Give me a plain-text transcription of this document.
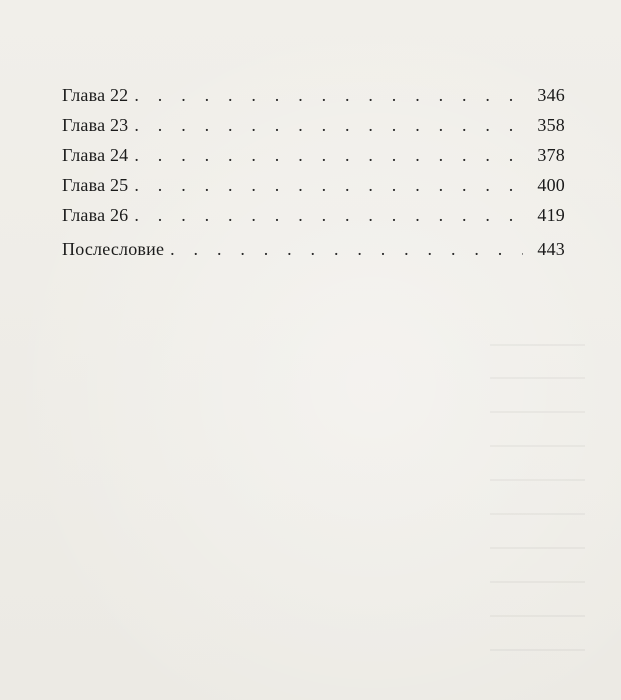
Глава 22 . . .	346
Глава 23 . . .	358
Глава 24 . . .	378
Глава 25 . . .	400
Глава 26 . . .	419
Послесловие . . .	443
